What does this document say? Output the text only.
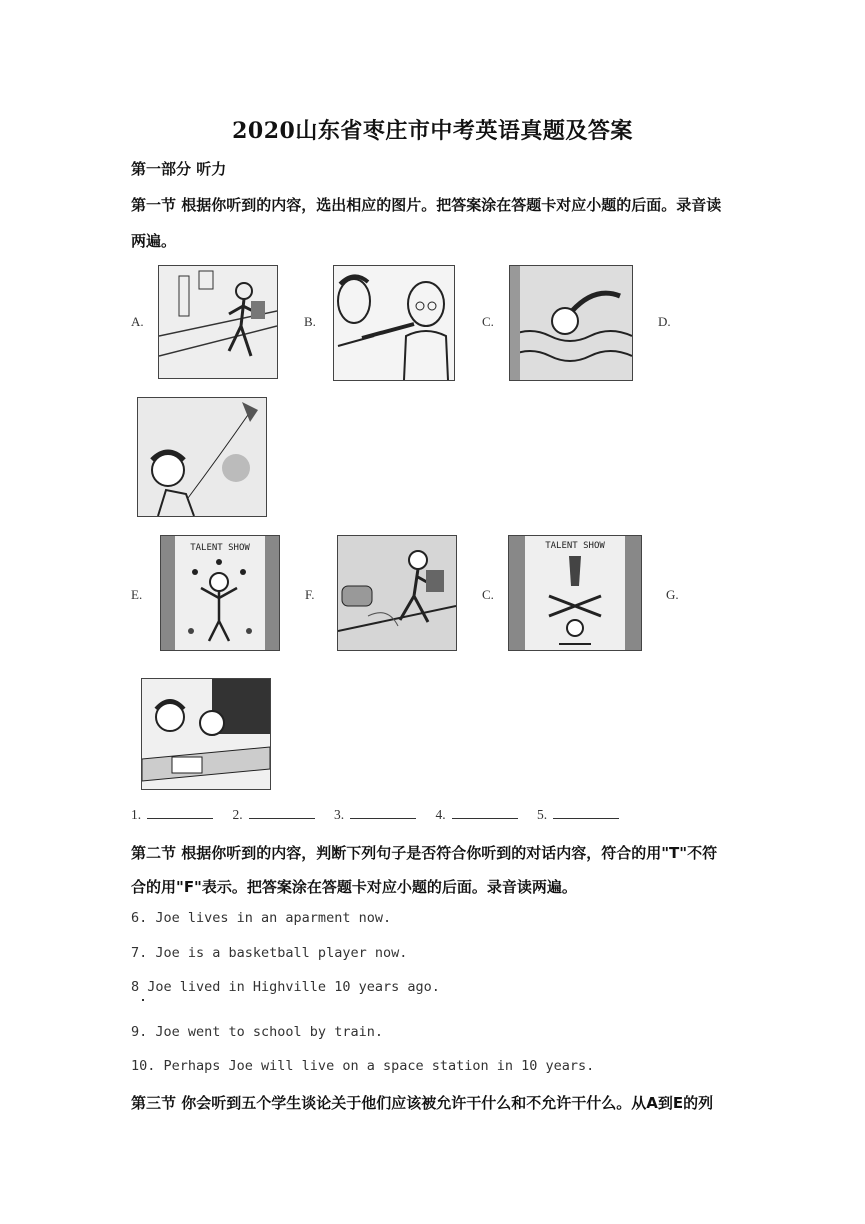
2020山东省枣庄市中考英语真题及答案
第一部分 听力
第一节 根据你听到的内容，选出相应的图片。把答案涂在答题卡对应小题的后面。录音读
两遍。
A.	B.	C.	D.
E.	F.	C.	G.
TALENT SHOW	TALENT SHOW
1.	2.	3.	4.	5.
第二节 根据你听到的内容，判断下列句子是否符合你听到的对话内容，符合的用"T"不符
合的用"F"表示。把答案涂在答题卡对应小题的后面。录音读两遍。
6. Joe lives in an aparment now.
7. Joe is a basketball player now.
8 Joe lived in Highville 10 years ago.
9. Joe went to school by train.
10. Perhaps Joe will live on a space station in 10 years.
第三节 你会听到五个学生谈论关于他们应该被允许干什么和不允许干什么。从A到E的列
